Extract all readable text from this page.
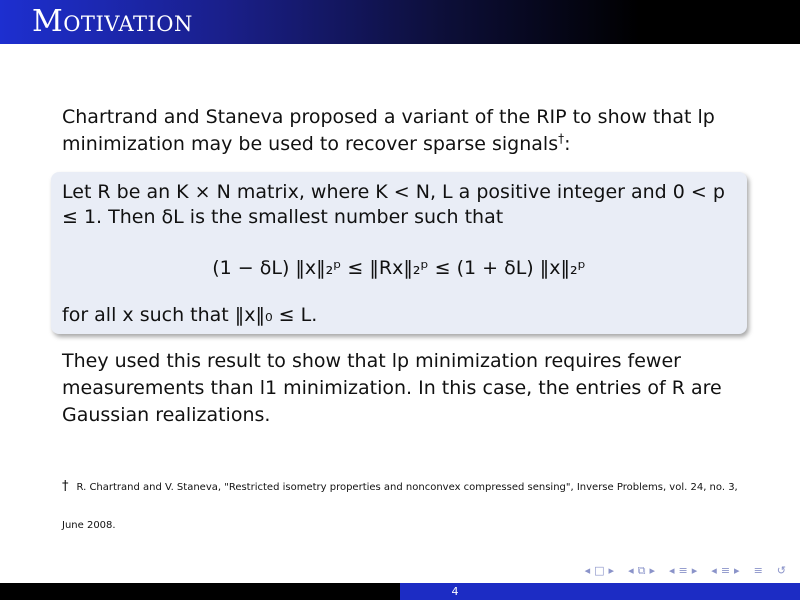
Motivation
Chartrand and Staneva proposed a variant of the RIP to show that lp minimization may be used to recover sparse signals†:
Let R be an K × N matrix, where K < N, L a positive integer and 0 < p ≤ 1. Then δL is the smallest number such that
(1 − δL) ‖x‖₂ᵖ ≤ ‖Rx‖₂ᵖ ≤ (1 + δL) ‖x‖₂ᵖ
for all x such that ‖x‖₀ ≤ L.
They used this result to show that lp minimization requires fewer measurements than l1 minimization. In this case, the entries of R are Gaussian realizations.
† R. Chartrand and V. Staneva, "Restricted isometry properties and nonconvex compressed sensing", Inverse Problems, vol. 24, no. 3, June 2008.
◂ □ ▸ ◂ ⧉ ▸ ◂ ≡ ▸ ◂ ≡ ▸ ≡ ↺
4
